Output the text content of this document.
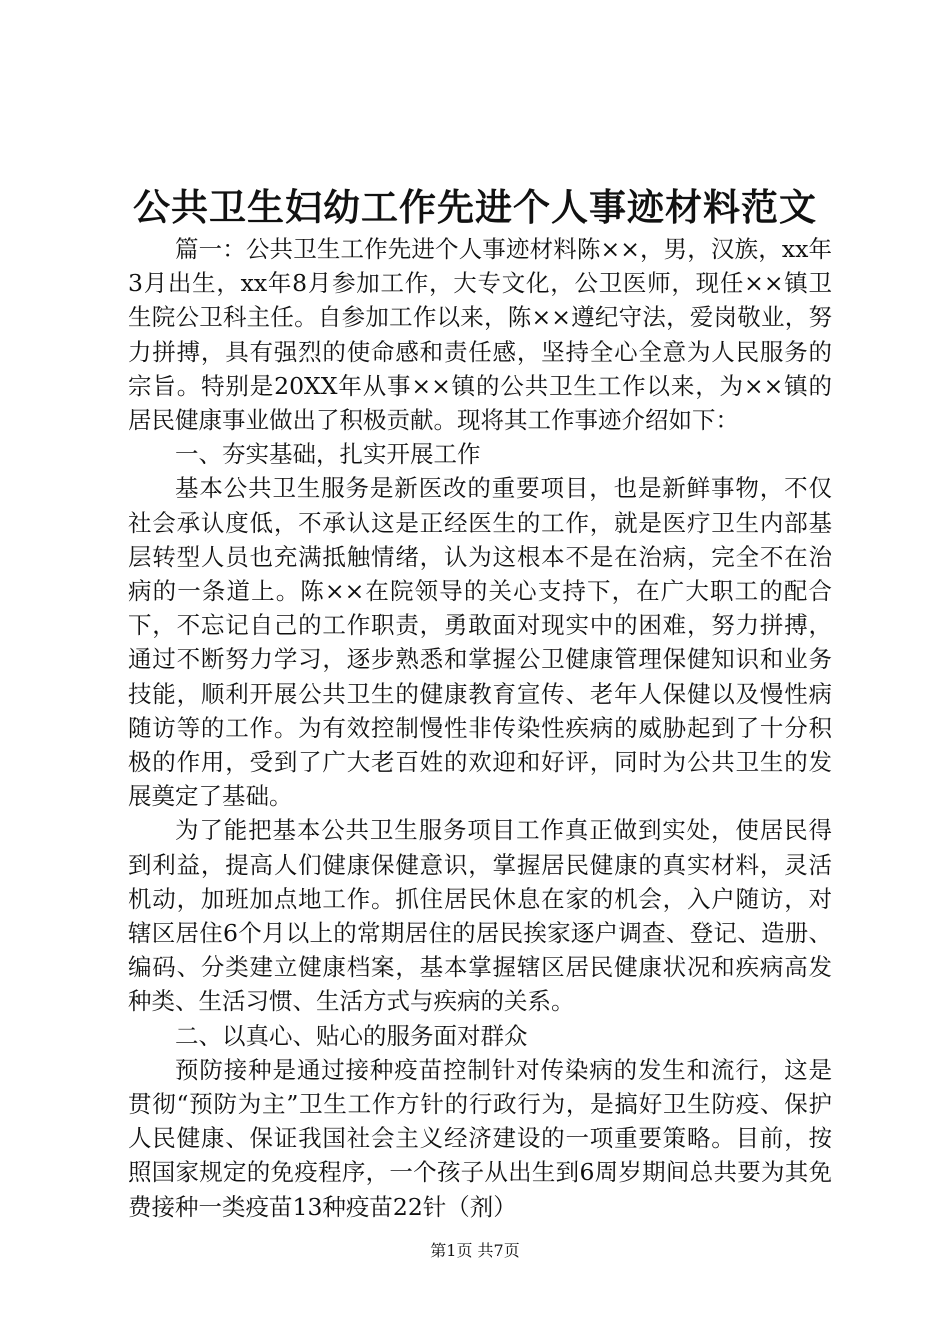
公共卫生妇幼工作先进个人事迹材料范文

篇一：公共卫生工作先进个人事迹材料陈××，男，汉族，xx年3月出生，xx年8月参加工作，大专文化，公卫医师，现任××镇卫生院公卫科主任。自参加工作以来，陈××遵纪守法，爱岗敬业，努力拼搏，具有强烈的使命感和责任感，坚持全心全意为人民服务的宗旨。特别是20XX年从事××镇的公共卫生工作以来，为××镇的居民健康事业做出了积极贡献。现将其工作事迹介绍如下：

一、夯实基础，扎实开展工作

基本公共卫生服务是新医改的重要项目，也是新鲜事物，不仅社会承认度低，不承认这是正经医生的工作，就是医疗卫生内部基层转型人员也充满抵触情绪，认为这根本不是在治病，完全不在治病的一条道上。陈××在院领导的关心支持下，在广大职工的配合下，不忘记自己的工作职责，勇敢面对现实中的困难，努力拼搏，通过不断努力学习，逐步熟悉和掌握公卫健康管理保健知识和业务技能，顺利开展公共卫生的健康教育宣传、老年人保健以及慢性病随访等的工作。为有效控制慢性非传染性疾病的威胁起到了十分积极的作用，受到了广大老百姓的欢迎和好评，同时为公共卫生的发展奠定了基础。

为了能把基本公共卫生服务项目工作真正做到实处，使居民得到利益，提高人们健康保健意识，掌握居民健康的真实材料，灵活机动，加班加点地工作。抓住居民休息在家的机会，入户随访，对辖区居住6个月以上的常期居住的居民挨家逐户调查、登记、造册、编码、分类建立健康档案，基本掌握辖区居民健康状况和疾病高发种类、生活习惯、生活方式与疾病的关系。

二、以真心、贴心的服务面对群众

预防接种是通过接种疫苗控制针对传染病的发生和流行，这是贯彻“预防为主”卫生工作方针的行政行为，是搞好卫生防疫、保护人民健康、保证我国社会主义经济建设的一项重要策略。目前，按照国家规定的免疫程序，一个孩子从出生到6周岁期间总共要为其免费接种一类疫苗13种疫苗22针（剂）

第1页 共7页
